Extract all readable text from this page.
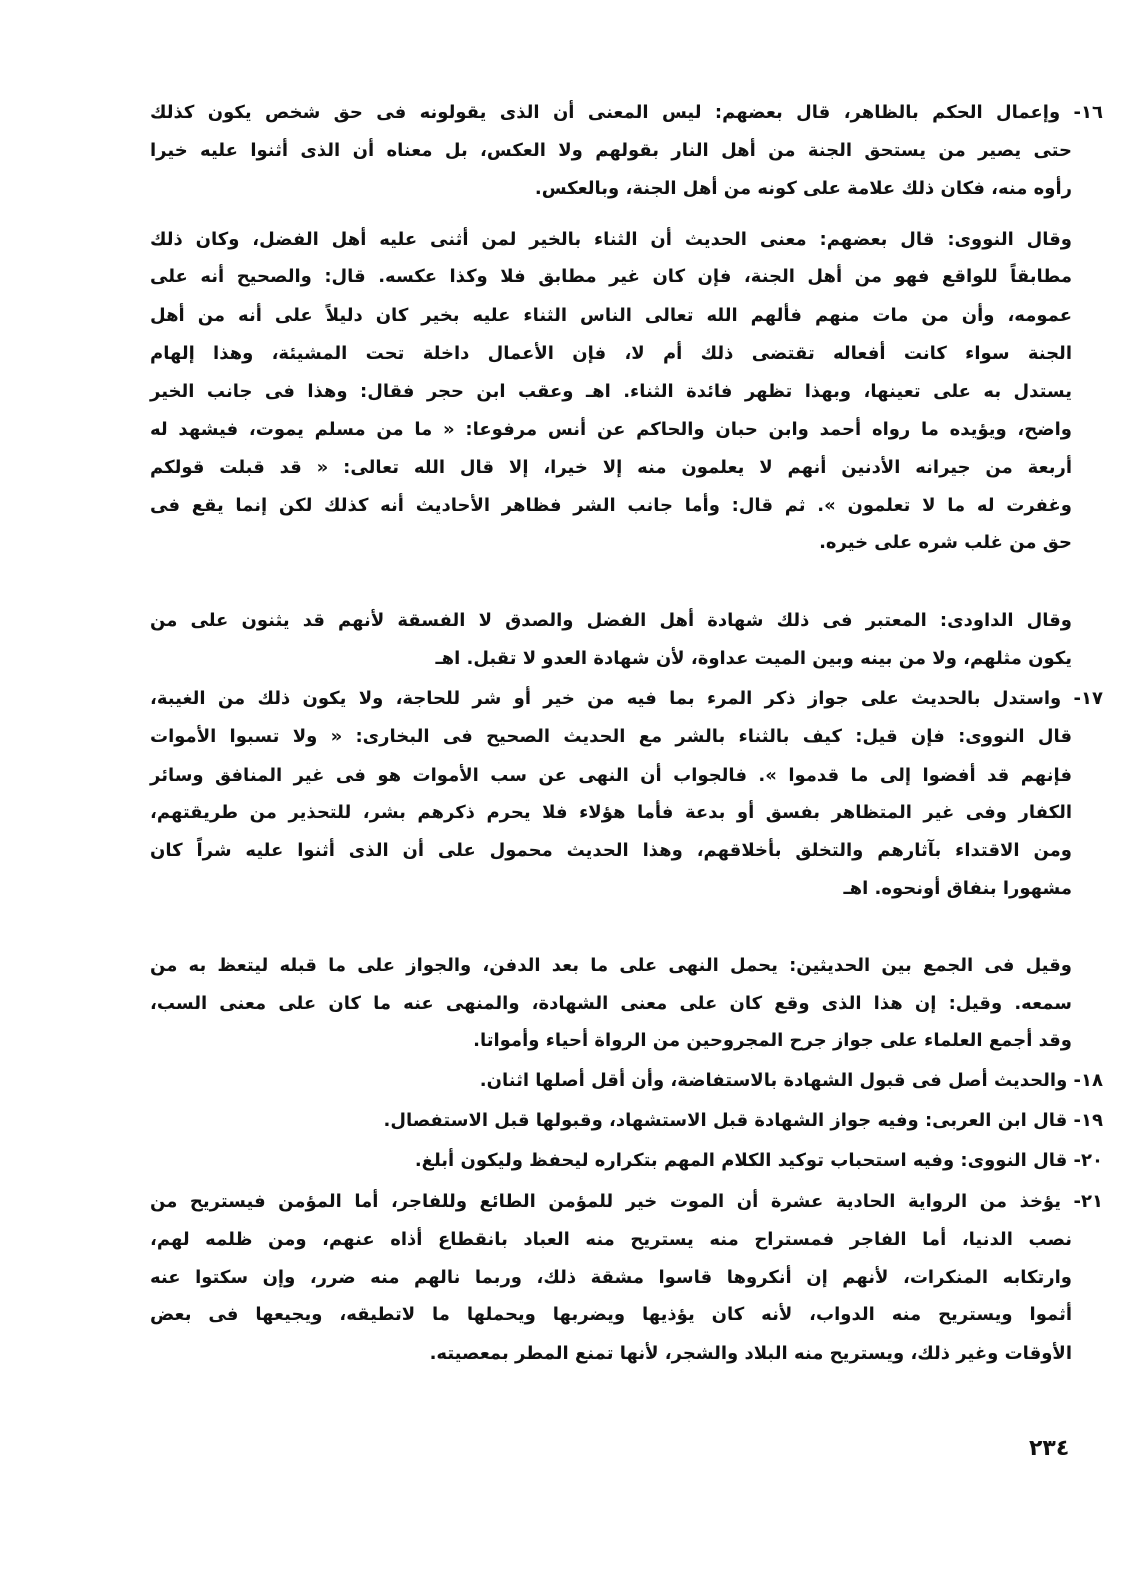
١٦- وإعمال الحكم بالظاهر، قال بعضهم: ليس المعنى أن الذى يقولونه فى حق شخص يكون كذلك
حتى يصير من يستحق الجنة من أهل النار بقولهم ولا العكس، بل معناه أن الذى أثنوا عليه خيرا
رأوه منه، فكان ذلك علامة على كونه من أهل الجنة، وبالعكس.
وقال النووى: قال بعضهم: معنى الحديث أن الثناء بالخير لمن أثنى عليه أهل الفضل، وكان ذلك
مطابقاً للواقع فهو من أهل الجنة، فإن كان غير مطابق فلا وكذا عكسه. قال: والصحيح أنه على
عمومه، وأن من مات منهم فألهم الله تعالى الناس الثناء عليه بخير كان دليلاً على أنه من أهل
الجنة سواء كانت أفعاله تقتضى ذلك أم لا، فإن الأعمال داخلة تحت المشيئة، وهذا إلهام
يستدل به على تعينها، وبهذا تظهر فائدة الثناء. اهـ وعقب ابن حجر فقال: وهذا فى جانب الخير
واضح، ويؤيده ما رواه أحمد وابن حبان والحاكم عن أنس مرفوعا: « ما من مسلم يموت، فيشهد له
أربعة من جيرانه الأدنين أنهم لا يعلمون منه إلا خيرا، إلا قال الله تعالى: « قد قبلت قولكم
وغفرت له ما لا تعلمون ». ثم قال: وأما جانب الشر فظاهر الأحاديث أنه كذلك لكن إنما يقع فى
حق من غلب شره على خيره.
وقال الداودى: المعتبر فى ذلك شهادة أهل الفضل والصدق لا الفسقة لأنهم قد يثنون على من
يكون مثلهم، ولا من بينه وبين الميت عداوة، لأن شهادة العدو لا تقبل. اهـ
١٧- واستدل بالحديث على جواز ذكر المرء بما فيه من خير أو شر للحاجة، ولا يكون ذلك من الغيبة،
قال النووى: فإن قيل: كيف بالثناء بالشر مع الحديث الصحيح فى البخارى: « ولا تسبوا الأموات
فإنهم قد أفضوا إلى ما قدموا ». فالجواب أن النهى عن سب الأموات هو فى غير المنافق وسائر
الكفار وفى غير المتظاهر بفسق أو بدعة فأما هؤلاء فلا يحرم ذكرهم بشر، للتحذير من طريقتهم،
ومن الاقتداء بآثارهم والتخلق بأخلاقهم، وهذا الحديث محمول على أن الذى أثنوا عليه شراً كان
مشهورا بنفاق أونحوه. اهـ
وقيل فى الجمع بين الحديثين: يحمل النهى على ما بعد الدفن، والجواز على ما قبله ليتعظ به من
سمعه. وقيل: إن هذا الذى وقع كان على معنى الشهادة، والمنهى عنه ما كان على معنى السب،
وقد أجمع العلماء على جواز جرح المجروحين من الرواة أحياء وأمواتا.
١٨- والحديث أصل فى قبول الشهادة بالاستفاضة، وأن أقل أصلها اثنان.
١٩- قال ابن العربى: وفيه جواز الشهادة قبل الاستشهاد، وقبولها قبل الاستفصال.
٢٠- قال النووى: وفيه استحباب توكيد الكلام المهم بتكراره ليحفظ وليكون أبلغ.
٢١- يؤخذ من الرواية الحادية عشرة أن الموت خير للمؤمن الطائع وللفاجر، أما المؤمن فيستريح من
نصب الدنيا، أما الفاجر فمستراح منه يستريح منه العباد بانقطاع أذاه عنهم، ومن ظلمه لهم،
وارتكابه المنكرات، لأنهم إن أنكروها قاسوا مشقة ذلك، وربما نالهم منه ضرر، وإن سكتوا عنه
أثموا ويستريح منه الدواب، لأنه كان يؤذيها ويضربها ويحملها ما لاتطيقه، ويجيعها فى بعض
الأوقات وغير ذلك، ويستريح منه البلاد والشجر، لأنها تمنع المطر بمعصيته.
٢٣٤
